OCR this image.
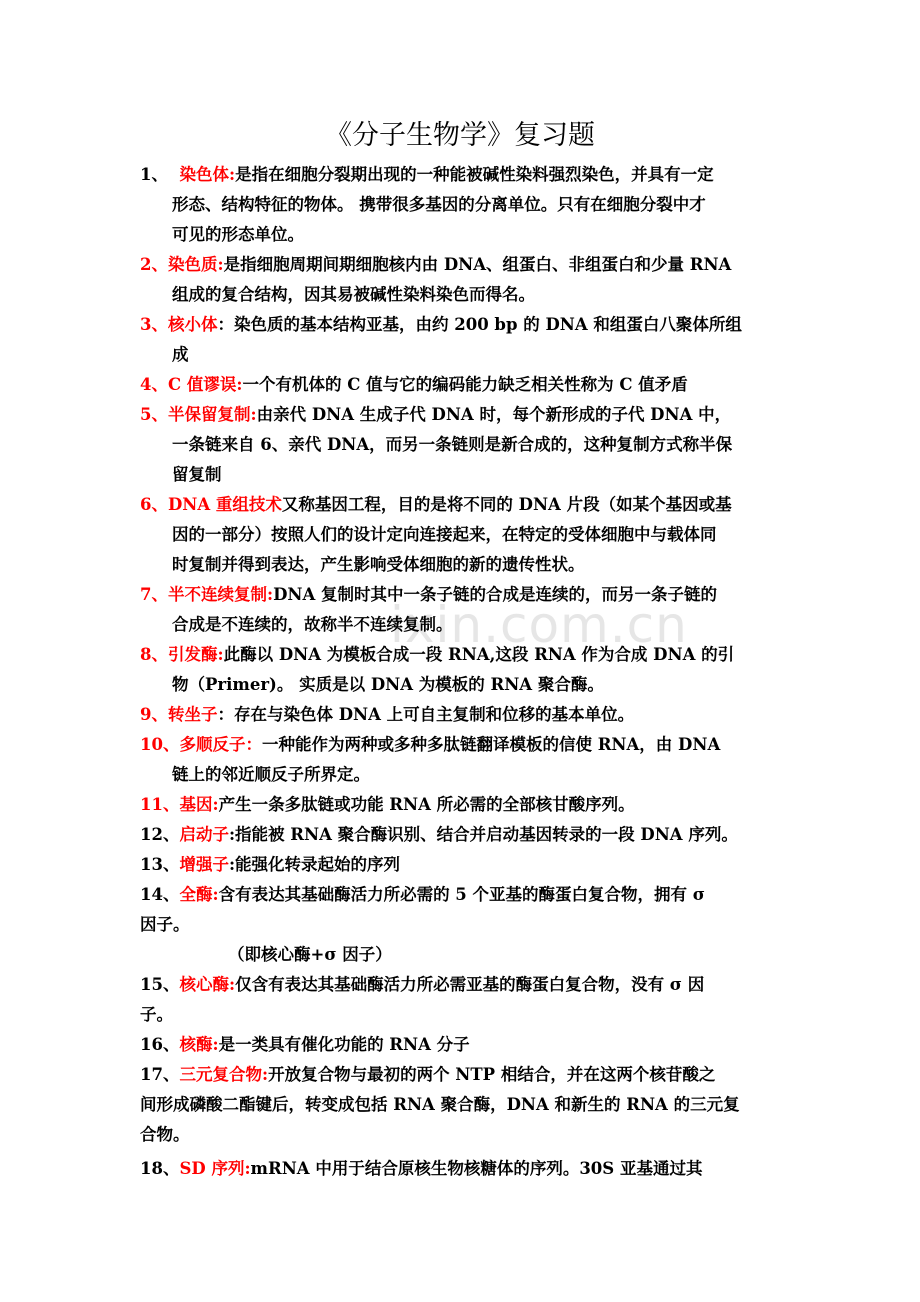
《分子生物学》复习题
ixin.com.cn
1、 染色体:是指在细胞分裂期出现的一种能被碱性染料强烈染色，并具有一定
形态、结构特征的物体。 携带很多基因的分离单位。只有在细胞分裂中才
可见的形态单位。
2、染色质:是指细胞周期间期细胞核内由 DNA、组蛋白、非组蛋白和少量 RNA
组成的复合结构，因其易被碱性染料染色而得名。
3、核小体：染色质的基本结构亚基，由约 200 bp 的 DNA 和组蛋白八聚体所组
成
4、C 值谬误:一个有机体的 C 值与它的编码能力缺乏相关性称为 C 值矛盾
5、半保留复制:由亲代 DNA 生成子代 DNA 时，每个新形成的子代 DNA 中，
一条链来自 6、亲代 DNA，而另一条链则是新合成的，这种复制方式称半保
留复制
6、DNA 重组技术又称基因工程，目的是将不同的 DNA 片段（如某个基因或基
因的一部分）按照人们的设计定向连接起来，在特定的受体细胞中与载体同
时复制并得到表达，产生影响受体细胞的新的遗传性状。
7、半不连续复制:DNA 复制时其中一条子链的合成是连续的，而另一条子链的
合成是不连续的，故称半不连续复制。
8、引发酶:此酶以 DNA 为模板合成一段 RNA,这段 RNA 作为合成 DNA 的引
物（Primer)。 实质是以 DNA 为模板的 RNA 聚合酶。
9、转坐子：存在与染色体 DNA 上可自主复制和位移的基本单位。
10、多顺反子：一种能作为两种或多种多肽链翻译模板的信使 RNA，由 DNA
链上的邻近顺反子所界定。
11、基因:产生一条多肽链或功能 RNA 所必需的全部核甘酸序列。
12、启动子:指能被 RNA 聚合酶识别、结合并启动基因转录的一段 DNA 序列。
13、增强子:能强化转录起始的序列
14、全酶:含有表达其基础酶活力所必需的 5 个亚基的酶蛋白复合物，拥有 σ
因子。
（即核心酶+σ 因子）
15、核心酶:仅含有表达其基础酶活力所必需亚基的酶蛋白复合物，没有 σ 因
子。
16、核酶:是一类具有催化功能的 RNA 分子
17、三元复合物:开放复合物与最初的两个 NTP 相结合，并在这两个核苷酸之
间形成磷酸二酯键后，转变成包括 RNA 聚合酶，DNA 和新生的 RNA 的三元复
合物。
18、SD 序列:mRNA 中用于结合原核生物核糖体的序列。30S 亚基通过其
